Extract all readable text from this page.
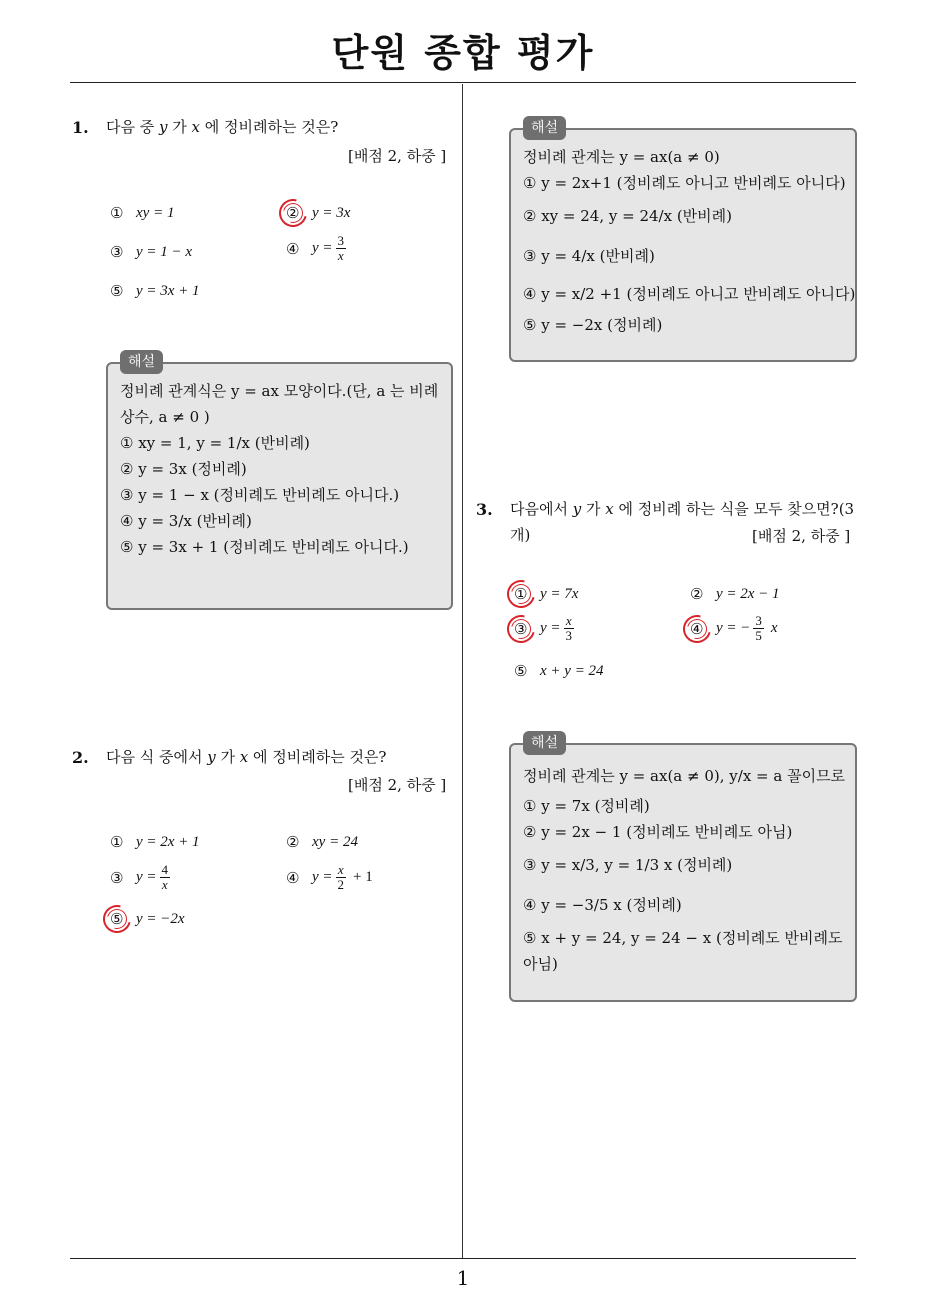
단원 종합 평가
1
1. 다음 중 𝑦 가 𝑥 에 정비례하는 것은?
[배점 2, 하중 ]
① xy = 1	② y = 3x
③ y = 1 − x	④ $y = \frac{3}{x}$
⑤ y = 3x + 1
해설
정비례 관계식은 y = ax 모양이다.(단, a 는 비례
상수, a ≠ 0 )
① xy = 1, y = 1/x (반비례)
② y = 3x (정비례)
③ y = 1 − x (정비례도 반비례도 아니다.)
④ y = 3/x (반비례)
⑤ y = 3x + 1 (정비례도 반비례도 아니다.)
2. 다음 식 중에서 𝑦 가 𝑥 에 정비례하는 것은?
[배점 2, 하중 ]
① y = 2x + 1	② xy = 24
③ $y = \frac{4}{x}$	④ $y = \frac{x}{2} + 1$
⑤ y = −2x
해설
정비례 관계는 y = ax(a ≠ 0)
① y = 2x+1 (정비례도 아니고 반비례도 아니다)
② xy = 24, y = 24/x (반비례)
③ y = 4/x (반비례)
④ y = x/2 +1 (정비례도 아니고 반비례도 아니다)
⑤ y = −2x (정비례)
3. 다음에서 𝑦 가 𝑥 에 정비례 하는 식을 모두 찾으면?(3
개)	[배점 2, 하중 ]
① y = 7x	② y = 2x − 1
③ $y = \frac{x}{3}$	④ y = − $\frac{3}{5}$ x
⑤ x + y = 24
해설
정비례 관계는 y = ax(a ≠ 0), y/x = a 꼴이므로
① y = 7x (정비례)
② y = 2x − 1 (정비례도 반비례도 아님)
③ y = x/3, y = 1/3 x (정비례)
④ y = −3/5 x (정비례)
⑤ x + y = 24, y = 24 − x (정비례도 반비례도
아님)
